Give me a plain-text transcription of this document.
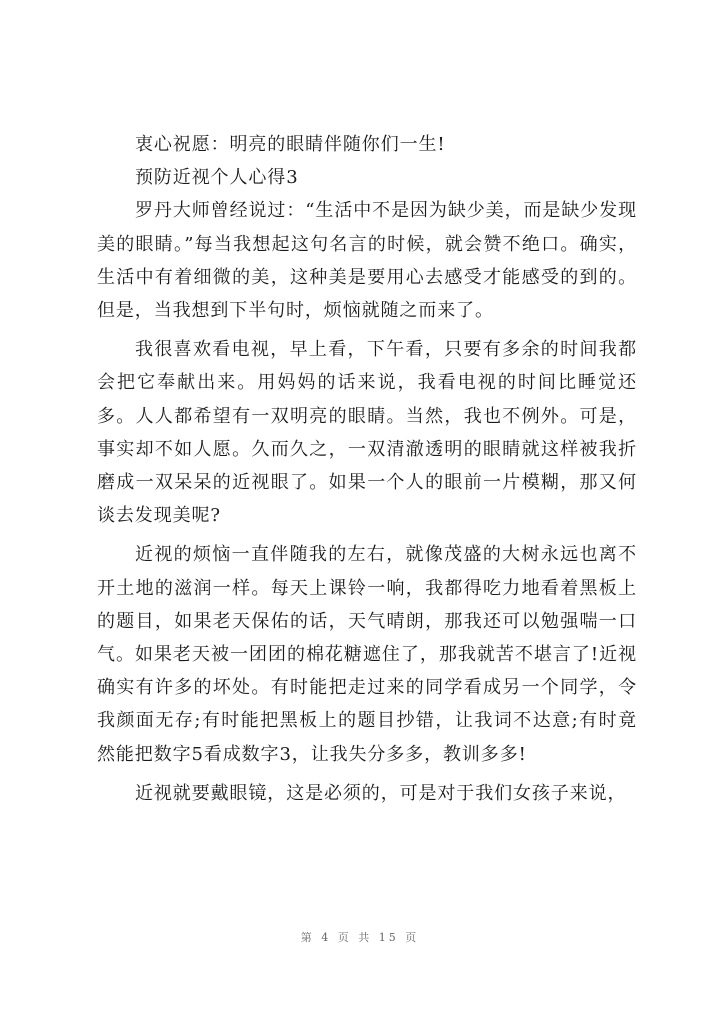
衷心祝愿：明亮的眼睛伴随你们一生!

预防近视个人心得3

罗丹大师曾经说过：“生活中不是因为缺少美，而是缺少发现美的眼睛。”每当我想起这句名言的时候，就会赞不绝口。确实，生活中有着细微的美，这种美是要用心去感受才能感受的到的。但是，当我想到下半句时，烦恼就随之而来了。

我很喜欢看电视，早上看，下午看，只要有多余的时间我都会把它奉献出来。用妈妈的话来说，我看电视的时间比睡觉还多。人人都希望有一双明亮的眼睛。当然，我也不例外。可是，事实却不如人愿。久而久之，一双清澈透明的眼睛就这样被我折磨成一双呆呆的近视眼了。如果一个人的眼前一片模糊，那又何谈去发现美呢?

近视的烦恼一直伴随我的左右，就像茂盛的大树永远也离不开土地的滋润一样。每天上课铃一响，我都得吃力地看着黑板上的题目，如果老天保佑的话，天气晴朗，那我还可以勉强喘一口气。如果老天被一团团的棉花糖遮住了，那我就苦不堪言了!近视确实有许多的坏处。有时能把走过来的同学看成另一个同学，令我颜面无存;有时能把黑板上的题目抄错，让我词不达意;有时竟然能把数字5看成数字3，让我失分多多，教训多多!

近视就要戴眼镜，这是必须的，可是对于我们女孩子来说，

第 4 页 共 15 页
